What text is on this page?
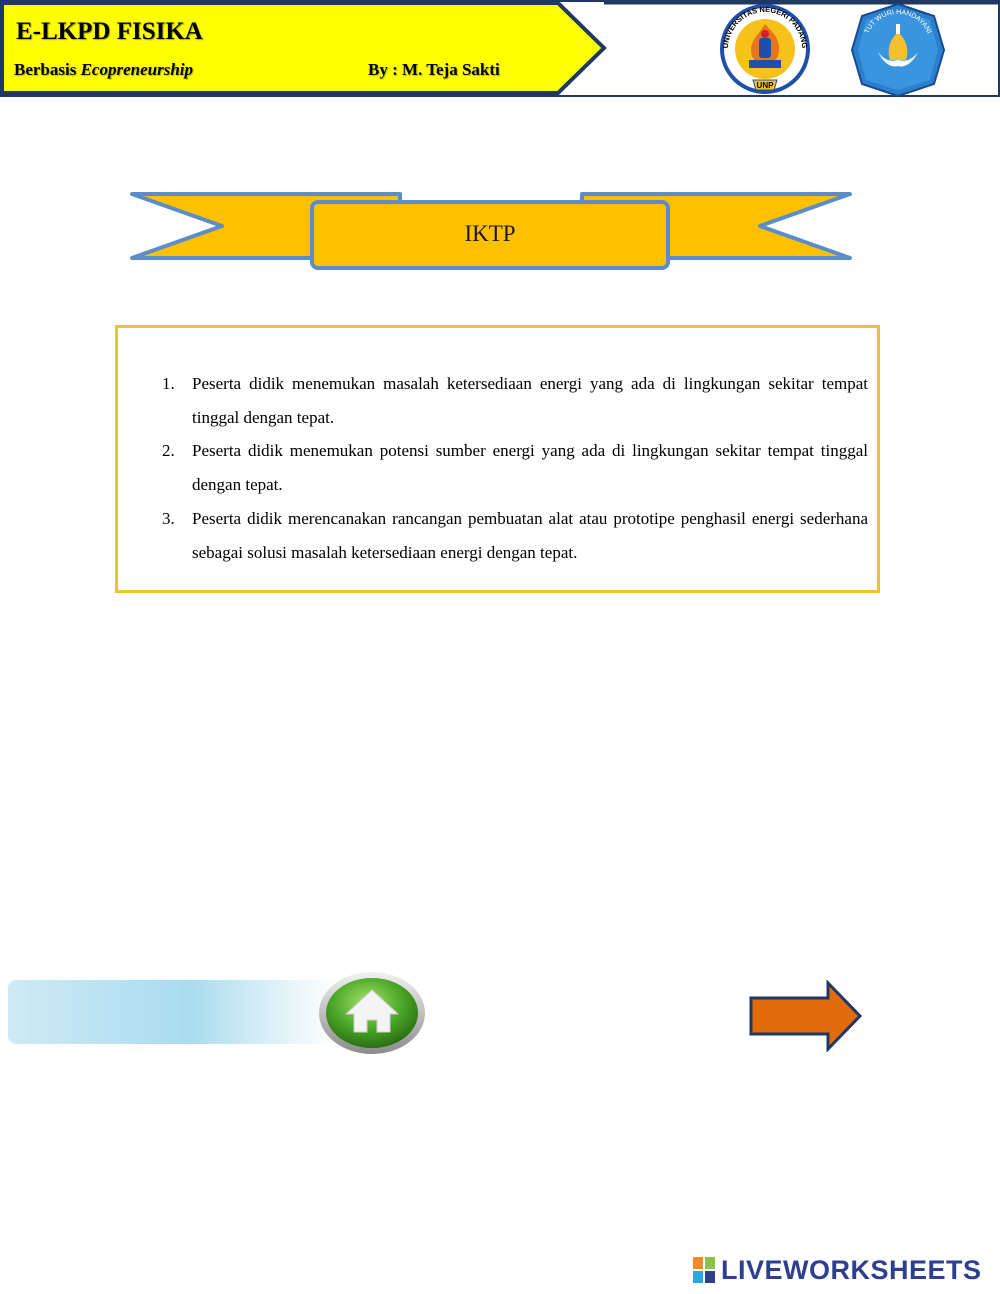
E-LKPD FISIKA
Berbasis Ecopreneurship	By : M. Teja Sakti
UNP
UNIVERSITAS NEGERI PADANG
TUT WURI HANDAYANI
IKTP
1. Peserta didik menemukan masalah ketersediaan energi yang ada di lingkungan sekitar tempat tinggal dengan tepat.
2. Peserta didik menemukan potensi sumber energi yang ada di lingkungan sekitar tempat tinggal dengan tepat.
3. Peserta didik merencanakan rancangan pembuatan alat atau prototipe penghasil energi sederhana sebagai solusi masalah ketersediaan energi dengan tepat.
LIVEWORKSHEETS
